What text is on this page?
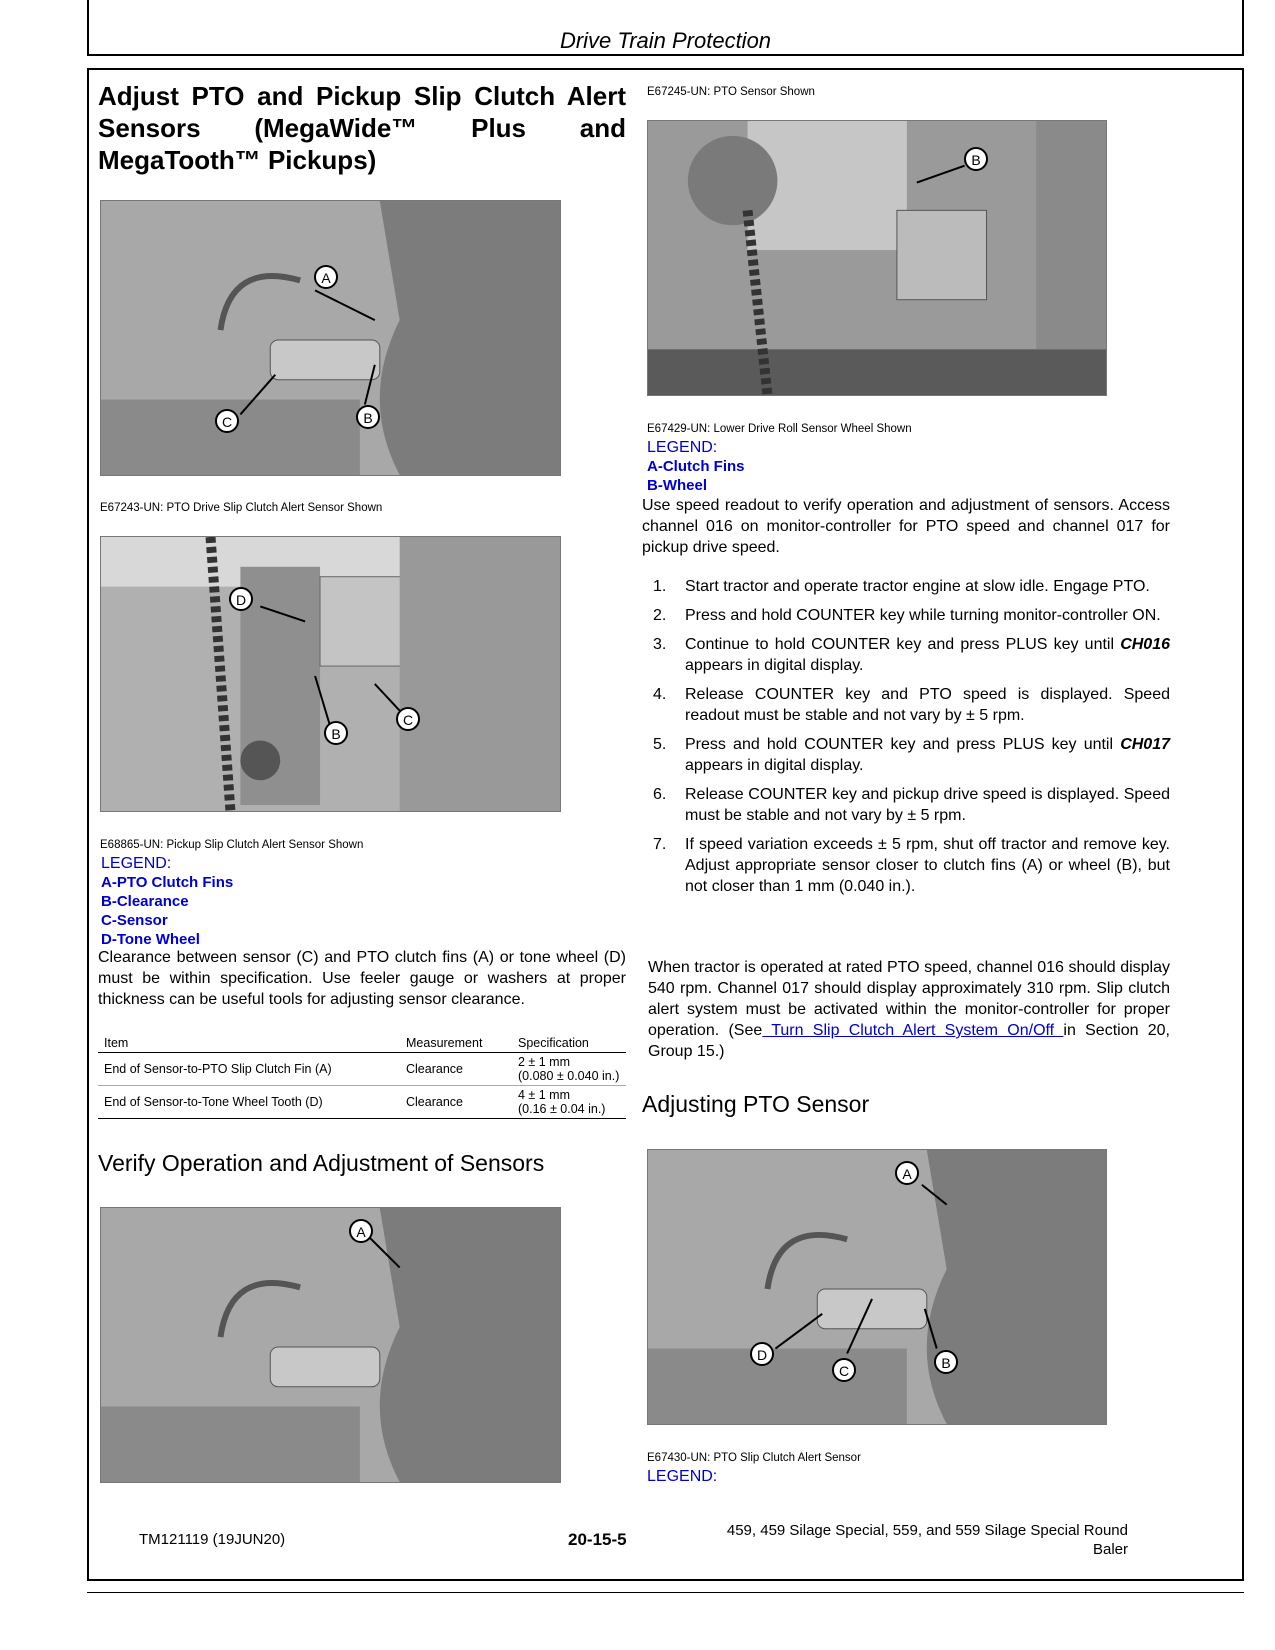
Drive Train Protection
Adjust PTO and Pickup Slip Clutch Alert Sensors (MegaWide™ Plus and MegaTooth™ Pickups)
A
B
C
E67243-UN: PTO Drive Slip Clutch Alert Sensor Shown
D
B
C
E68865-UN: Pickup Slip Clutch Alert Sensor Shown
LEGEND:
A-PTO Clutch Fins
B-Clearance
C-Sensor
D-Tone Wheel
Clearance between sensor (C) and PTO clutch fins (A) or tone wheel (D) must be within specification. Use feeler gauge or washers at proper thickness can be useful tools for adjusting sensor clearance.
Item	Measurement	Specification
End of Sensor-to-PTO Slip Clutch Fin (A)	Clearance	2 ± 1 mm
(0.080 ± 0.040 in.)

End of Sensor-to-Tone Wheel Tooth (D)	Clearance	4 ± 1 mm
(0.16 ± 0.04 in.)
Verify Operation and Adjustment of Sensors
A
E67245-UN: PTO Sensor Shown
B
E67429-UN: Lower Drive Roll Sensor Wheel Shown
LEGEND:
A-Clutch Fins
B-Wheel
Use speed readout to verify operation and adjustment of sensors. Access channel 016 on monitor-controller for PTO speed and channel 017 for pickup drive speed.
1. Start tractor and operate tractor engine at slow idle. Engage PTO.
2. Press and hold COUNTER key while turning monitor-controller ON.
3. Continue to hold COUNTER key and press PLUS key until CH016 appears in digital display.
4. Release COUNTER key and PTO speed is displayed. Speed readout must be stable and not vary by ± 5 rpm.
5. Press and hold COUNTER key and press PLUS key until CH017 appears in digital display.
6. Release COUNTER key and pickup drive speed is displayed. Speed must be stable and not vary by ± 5 rpm.
7. If speed variation exceeds ± 5 rpm, shut off tractor and remove key. Adjust appropriate sensor closer to clutch fins (A) or wheel (B), but not closer than 1 mm (0.040 in.).
When tractor is operated at rated PTO speed, channel 016 should display 540 rpm. Channel 017 should display approximately 310 rpm. Slip clutch alert system must be activated within the monitor-controller for proper operation. (See Turn Slip Clutch Alert System On/Off in Section 20, Group 15.)
Adjusting PTO Sensor
A
D
C	B
E67430-UN: PTO Slip Clutch Alert Sensor
LEGEND:
TM121119 (19JUN20)	20-15-5	459, 459 Silage Special, 559, and 559 Silage Special Round
Baler
